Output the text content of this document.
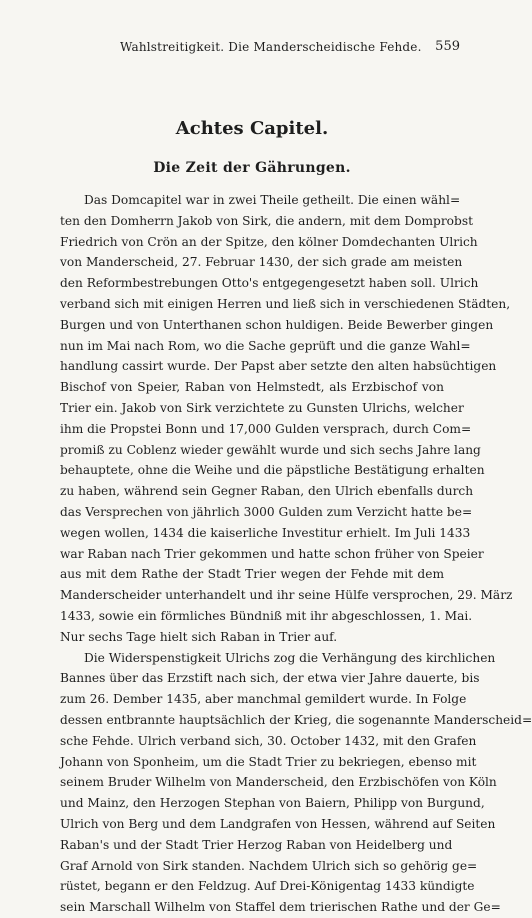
Wahlstreitigkeit. Die Manderscheidische Fehde.	559
Achtes Capitel.
Die Zeit der Gährungen.
Das Domcapitel war in zwei Theile getheilt. Die einen wähl=
ten den Domherrn Jakob von Sirk, die andern, mit dem Domprobst
Friedrich von Crön an der Spitze, den kölner Domdechanten Ulrich
von Manderscheid, 27. Februar 1430, der sich grade am meisten
den Reformbestrebungen Otto's entgegengesetzt haben soll. Ulrich
verband sich mit einigen Herren und ließ sich in verschiedenen Städten,
Burgen und von Unterthanen schon huldigen. Beide Bewerber gingen
nun im Mai nach Rom, wo die Sache geprüft und die ganze Wahl=
handlung cassirt wurde. Der Papst aber setzte den alten habsüchtigen
Bischof von Speier, Raban von Helmstedt, als Erzbischof von
Trier ein. Jakob von Sirk verzichtete zu Gunsten Ulrichs, welcher
ihm die Propstei Bonn und 17,000 Gulden versprach, durch Com=
promiß zu Coblenz wieder gewählt wurde und sich sechs Jahre lang
behauptete, ohne die Weihe und die päpstliche Bestätigung erhalten
zu haben, während sein Gegner Raban, den Ulrich ebenfalls durch
das Versprechen von jährlich 3000 Gulden zum Verzicht hatte be=
wegen wollen, 1434 die kaiserliche Investitur erhielt. Im Juli 1433
war Raban nach Trier gekommen und hatte schon früher von Speier
aus mit dem Rathe der Stadt Trier wegen der Fehde mit dem
Manderscheider unterhandelt und ihr seine Hülfe versprochen, 29. März
1433, sowie ein förmliches Bündniß mit ihr abgeschlossen, 1. Mai.
Nur sechs Tage hielt sich Raban in Trier auf.
Die Widerspenstigkeit Ulrichs zog die Verhängung des kirchlichen
Bannes über das Erzstift nach sich, der etwa vier Jahre dauerte, bis
zum 26. Dember 1435, aber manchmal gemildert wurde. In Folge
dessen entbrannte hauptsächlich der Krieg, die sogenannte Manderscheid=
sche Fehde. Ulrich verband sich, 30. October 1432, mit den Grafen
Johann von Sponheim, um die Stadt Trier zu bekriegen, ebenso mit
seinem Bruder Wilhelm von Manderscheid, den Erzbischöfen von Köln
und Mainz, den Herzogen Stephan von Baiern, Philipp von Burgund,
Ulrich von Berg und dem Landgrafen von Hessen, während auf Seiten
Raban's und der Stadt Trier Herzog Raban von Heidelberg und
Graf Arnold von Sirk standen. Nachdem Ulrich sich so gehörig ge=
rüstet, begann er den Feldzug. Auf Drei-Königentag 1433 kündigte
sein Marschall Wilhelm von Staffel dem trierischen Rathe und der Ge=
